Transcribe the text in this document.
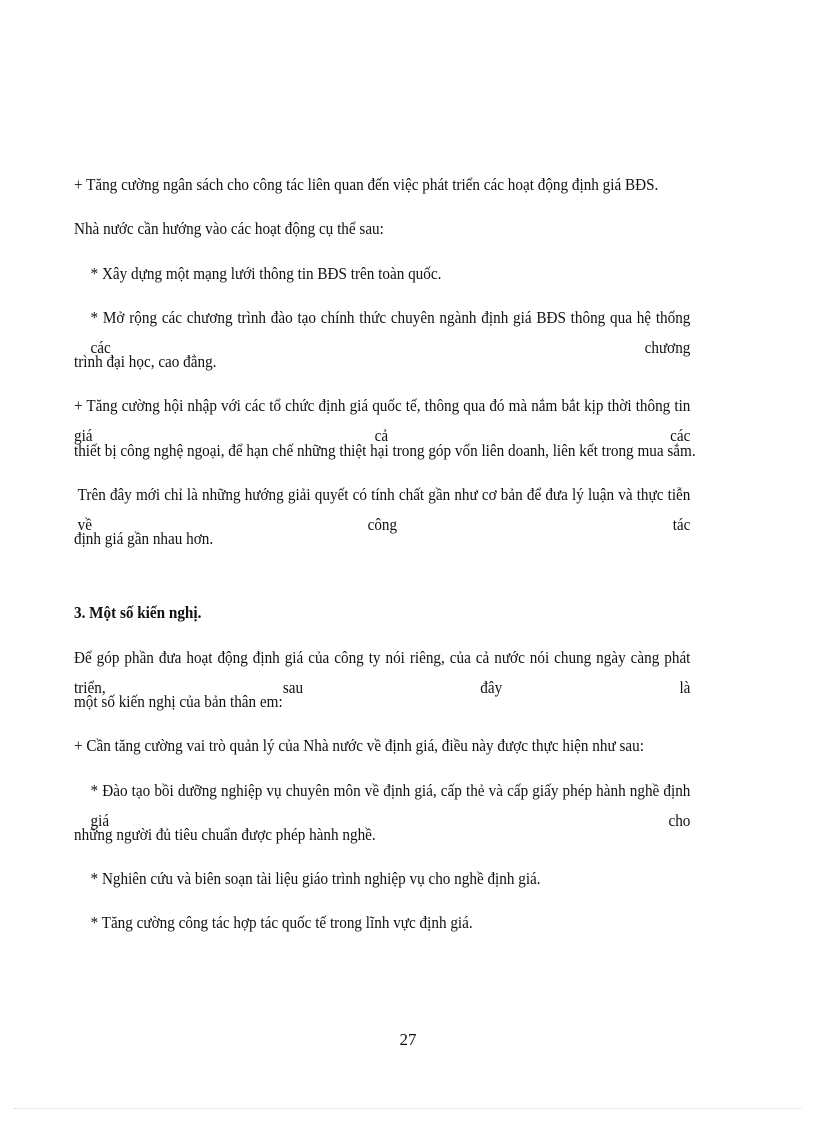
+ Tăng cường ngân sách cho công tác liên quan đến việc phát triển các hoạt động định giá BĐS.
Nhà nước cần hướng vào các hoạt động cụ thể sau:
* Xây dựng một mạng lưới thông tin BĐS trên toàn quốc.
* Mở rộng các chương trình đào tạo chính thức chuyên ngành định giá BĐS thông qua hệ thống các chương
trình đại học, cao đẳng.
+ Tăng cường hội nhập với các tổ chức định giá quốc tế, thông qua đó mà nắm bắt kịp thời thông tin giá cả các
thiết bị công nghệ ngoại, để hạn chế những thiệt hại trong góp vốn liên doanh, liên kết trong mua sắm.
Trên đây mới chỉ là những hướng giải quyết có tính chất gần như cơ bản để đưa lý luận và thực tiễn về công tác
định giá gần nhau hơn.
3. Một số kiến nghị.
Để góp phần đưa hoạt động định giá của công ty nói riêng, của cả nước nói chung ngày càng phát triển, sau đây là
một số kiến nghị của bản thân em:
+ Cần tăng cường vai trò quản lý của Nhà nước về định giá, điều này được thực hiện như sau:
* Đào tạo bồi dưỡng nghiệp vụ chuyên môn về định giá, cấp thẻ và cấp giấy phép hành nghề định giá cho
những người đủ tiêu chuẩn được phép hành nghề.
* Nghiên cứu và biên soạn tài liệu giáo trình nghiệp vụ cho nghề định giá.
* Tăng cường công tác hợp tác quốc tế trong lĩnh vực định giá.
27
